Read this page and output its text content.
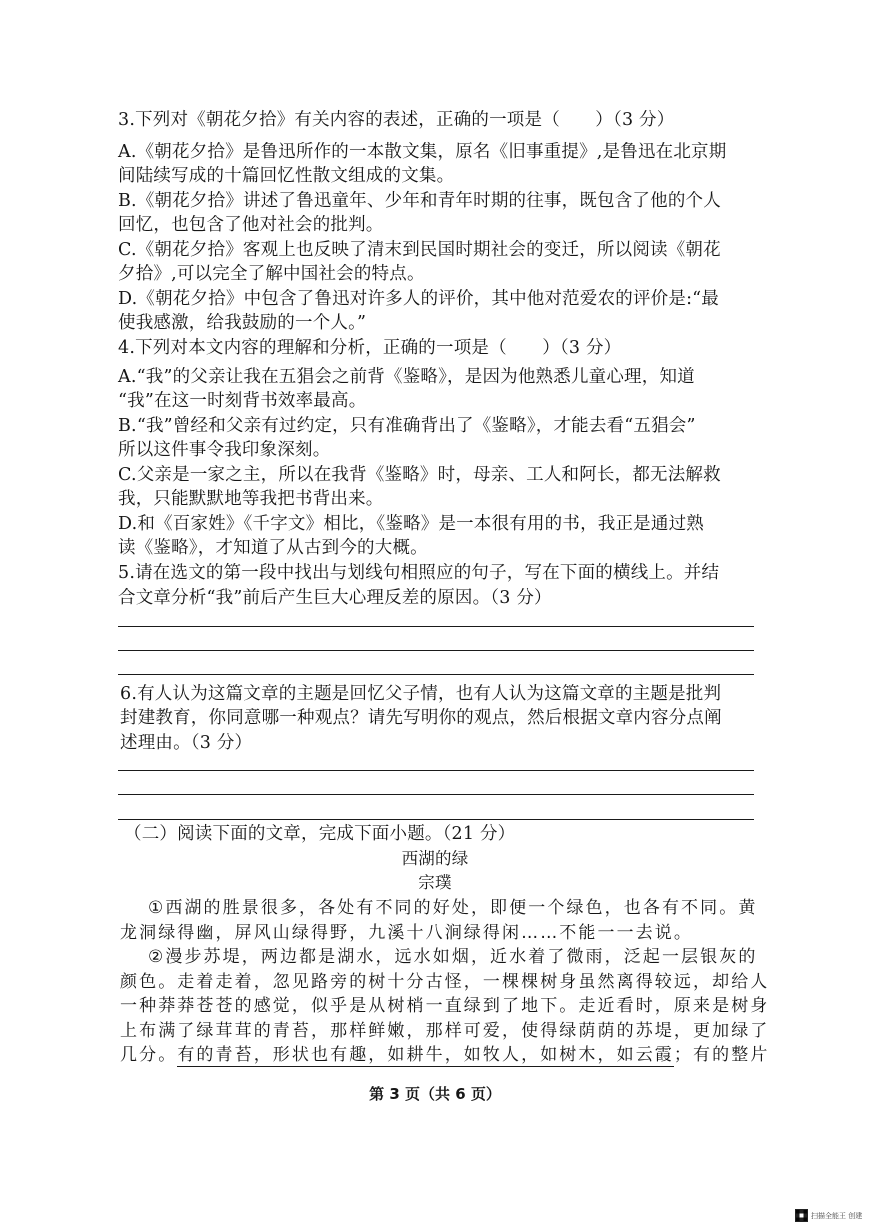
3.下列对《朝花夕拾》有关内容的表述，正确的一项是（　　）（3 分）
A.《朝花夕拾》是鲁迅所作的一本散文集，原名《旧事重提》,是鲁迅在北京期
间陆续写成的十篇回忆性散文组成的文集。
B.《朝花夕拾》讲述了鲁迅童年、少年和青年时期的往事，既包含了他的个人
回忆，也包含了他对社会的批判。
C.《朝花夕拾》客观上也反映了清末到民国时期社会的变迁，所以阅读《朝花
夕拾》,可以完全了解中国社会的特点。
D.《朝花夕拾》中包含了鲁迅对许多人的评价，其中他对范爱农的评价是:“最
使我感激，给我鼓励的一个人。”
4.下列对本文内容的理解和分析，正确的一项是（　　）（3 分）
A.“我”的父亲让我在五猖会之前背《鉴略》，是因为他熟悉儿童心理，知道
“我”在这一时刻背书效率最高。
B.“我”曾经和父亲有过约定，只有准确背出了《鉴略》，才能去看“五猖会”
所以这件事令我印象深刻。
C.父亲是一家之主，所以在我背《鉴略》时，母亲、工人和阿长，都无法解救
我，只能默默地等我把书背出来。
D.和《百家姓》《千字文》相比，《鉴略》是一本很有用的书，我正是通过熟
读《鉴略》，才知道了从古到今的大概。
5.请在选文的第一段中找出与划线句相照应的句子，写在下面的横线上。并结
合文章分析“我”前后产生巨大心理反差的原因。（3 分）
6.有人认为这篇文章的主题是回忆父子情，也有人认为这篇文章的主题是批判
封建教育，你同意哪一种观点？请先写明你的观点，然后根据文章内容分点阐
述理由。（3 分）
（二）阅读下面的文章，完成下面小题。（21 分）
西湖的绿
宗璞
①西湖的胜景很多，各处有不同的好处，即便一个绿色，也各有不同。黄
龙洞绿得幽，屏风山绿得野，九溪十八涧绿得闲……不能一一去说。
②漫步苏堤，两边都是湖水，远水如烟，近水着了微雨，泛起一层银灰的
颜色。走着走着，忽见路旁的树十分古怪，一棵棵树身虽然离得较远，却给人
一种莽莽苍苍的感觉，似乎是从树梢一直绿到了地下。走近看时，原来是树身
上布满了绿茸茸的青苔，那样鲜嫩，那样可爱，使得绿荫荫的苏堤，更加绿了
几分。有的青苔，形状也有趣，如耕牛，如牧人，如树木，如云霞；有的整片
第 3 页（共 6 页）
扫描全能王 创建
